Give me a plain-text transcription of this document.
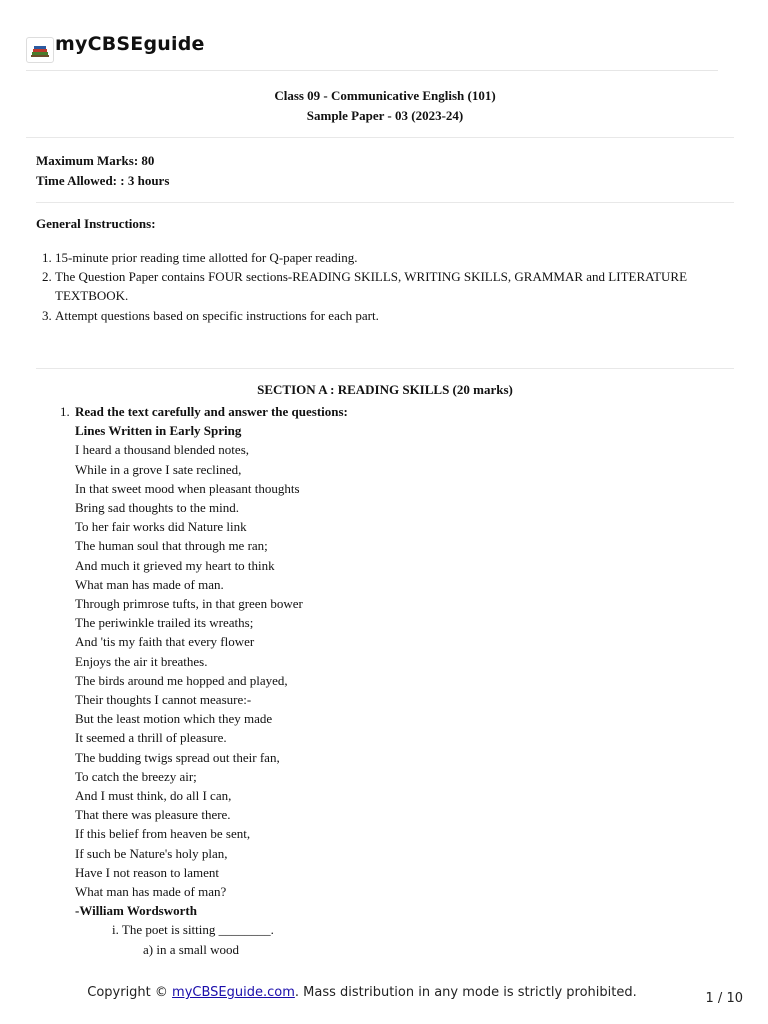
myCBSEguide
Class 09 - Communicative English (101)
Sample Paper - 03 (2023-24)
Maximum Marks: 80
Time Allowed: : 3 hours
General Instructions:
1. 15-minute prior reading time allotted for Q-paper reading.
2. The Question Paper contains FOUR sections-READING SKILLS, WRITING SKILLS, GRAMMAR and LITERATURE TEXTBOOK.
3. Attempt questions based on specific instructions for each part.
SECTION A : READING SKILLS (20 marks)
1. Read the text carefully and answer the questions:
Lines Written in Early Spring
I heard a thousand blended notes,
While in a grove I sate reclined,
In that sweet mood when pleasant thoughts
Bring sad thoughts to the mind.
To her fair works did Nature link
The human soul that through me ran;
And much it grieved my heart to think
What man has made of man.
Through primrose tufts, in that green bower
The periwinkle trailed its wreaths;
And 'tis my faith that every flower
Enjoys the air it breathes.
The birds around me hopped and played,
Their thoughts I cannot measure:-
But the least motion which they made
It seemed a thrill of pleasure.
The budding twigs spread out their fan,
To catch the breezy air;
And I must think, do all I can,
That there was pleasure there.
If this belief from heaven be sent,
If such be Nature's holy plan,
Have I not reason to lament
What man has made of man?
-William Wordsworth
i. The poet is sitting ________.
a) in a small wood
Copyright © myCBSEguide.com. Mass distribution in any mode is strictly prohibited.	1 / 10
